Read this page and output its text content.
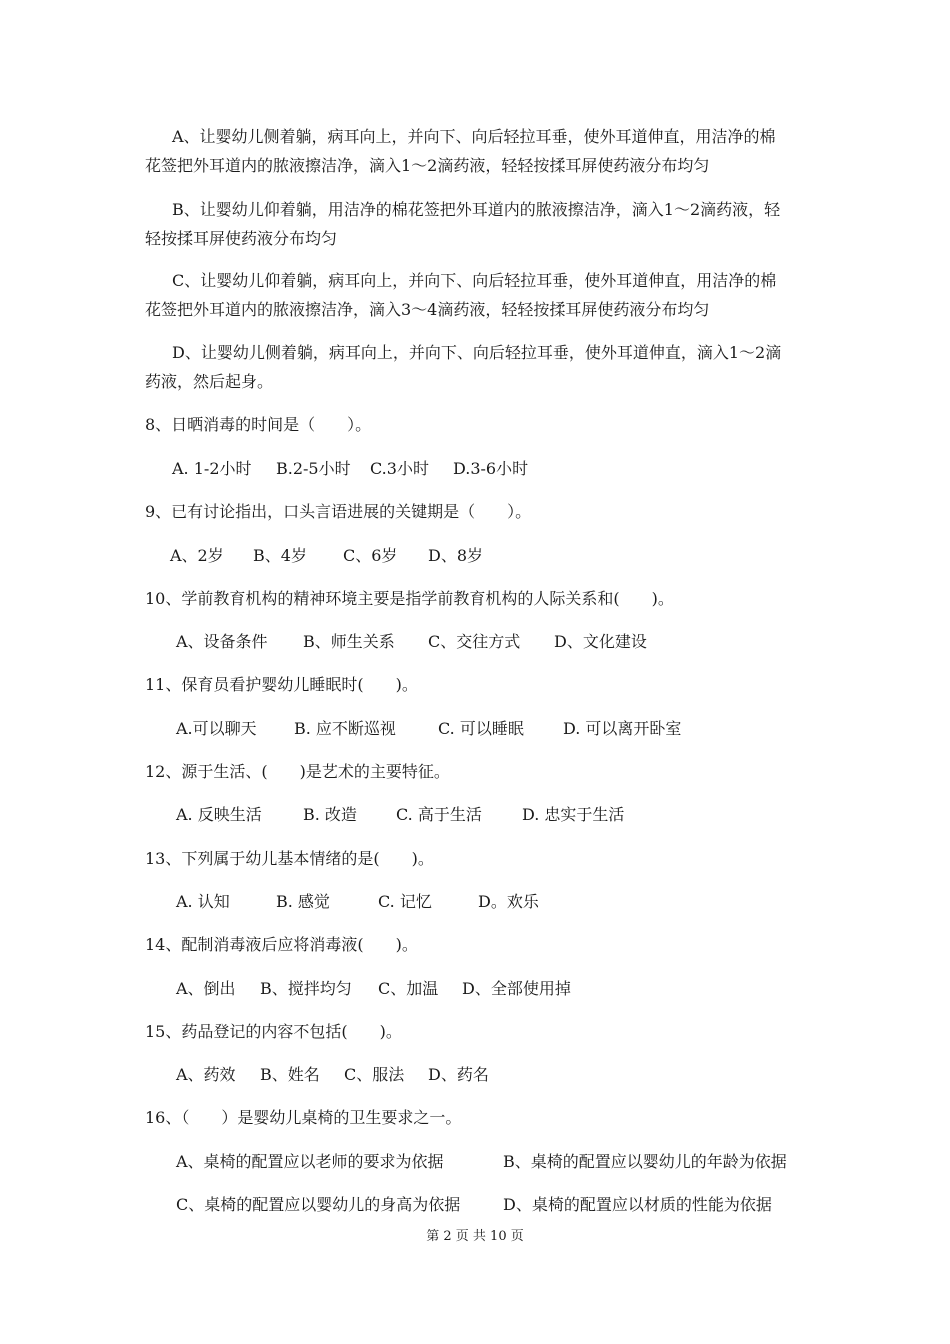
A、让婴幼儿侧着躺，病耳向上，并向下、向后轻拉耳垂，使外耳道伸直，用洁净的棉
花签把外耳道内的脓液擦洁净，滴入1～2滴药液，轻轻按揉耳屏使药液分布均匀
B、让婴幼儿仰着躺，用洁净的棉花签把外耳道内的脓液擦洁净，滴入1～2滴药液，轻
轻按揉耳屏使药液分布均匀
C、让婴幼儿仰着躺，病耳向上，并向下、向后轻拉耳垂，使外耳道伸直，用洁净的棉
花签把外耳道内的脓液擦洁净，滴入3～4滴药液，轻轻按揉耳屏使药液分布均匀
D、让婴幼儿侧着躺，病耳向上，并向下、向后轻拉耳垂，使外耳道伸直，滴入1～2滴
药液，然后起身。
8、日晒消毒的时间是（　　）。
A. 1-2小时 B.2-5小时 C.3小时 D.3-6小时
9、已有讨论指出，口头言语进展的关键期是（　　）。
A、2岁 B、4岁 C、6岁 D、8岁
10、学前教育机构的精神环境主要是指学前教育机构的人际关系和(　　)。
A、设备条件 B、师生关系 C、交往方式 D、文化建设
11、保育员看护婴幼儿睡眠时(　　)。
A.可以聊天 B. 应不断巡视	C. 可以睡眠 D. 可以离开卧室
12、源于生活、(　　)是艺术的主要特征。
A. 反映生活	B. 改造 C. 高于生活	D. 忠实于生活
13、下列属于幼儿基本情绪的是(　　)。
A. 认知	B. 感觉	C. 记忆	D。欢乐
14、配制消毒液后应将消毒液(　　)。
A、倒出 B、搅拌均匀 C、加温 D、全部使用掉
15、药品登记的内容不包括(　　)。
A、药效 B、姓名 C、服法 D、药名
16、（　　）是婴幼儿桌椅的卫生要求之一。
A、桌椅的配置应以老师的要求为依据	B、桌椅的配置应以婴幼儿的年龄为依据
C、桌椅的配置应以婴幼儿的身高为依据	D、桌椅的配置应以材质的性能为依据
第 2 页 共 10 页
